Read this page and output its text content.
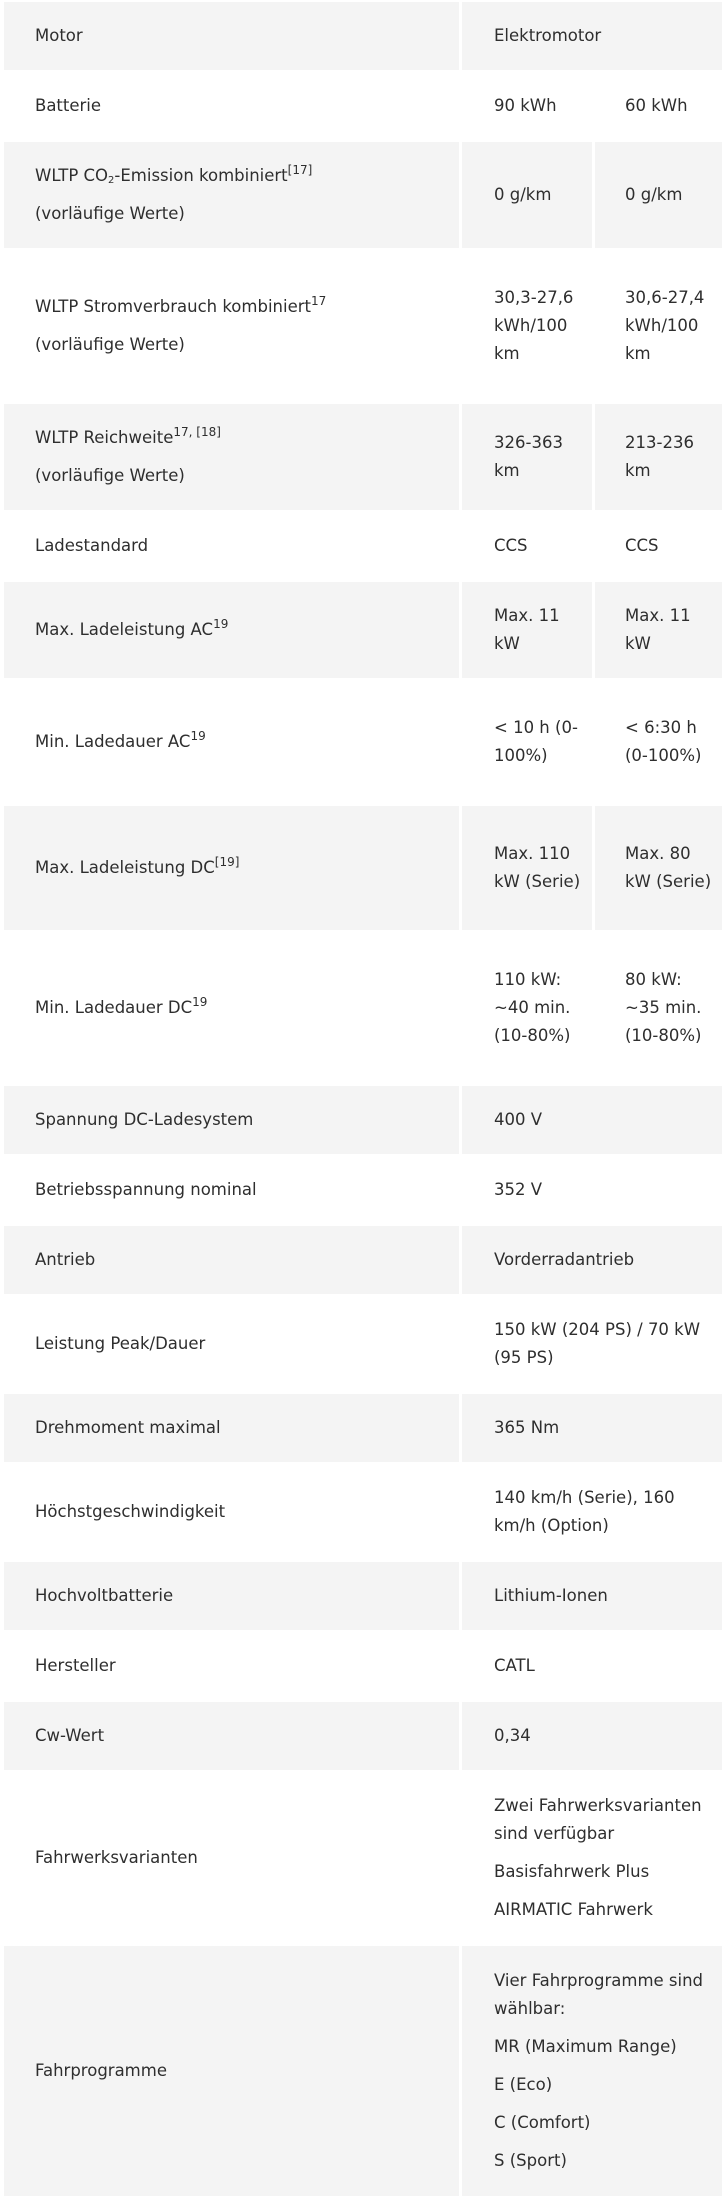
Motor	Elektromotor	
Batterie	90 kWh	60 kWh

WLTP $CO_2$-Emission kombiniert[17]
(vorläufige Werte)	0 g/km	0 g/km

WLTP Stromverbrauch kombiniert$^{17}$
(vorläufige Werte)	30,3-27,6 kWh/100 km	30,6-27,4 kWh/100 km

WLTP Reichweite$^{17, [18]}$
(vorläufige Werte)	326-363 km	213-236 km
Ladestandard	CCS	CCS
Max. Ladeleistung AC$^{19}$	Max. 11 kW	Max. 11 kW
Min. Ladedauer $AC^{19}$	< 10 h (0-100%)	< 6:30 h (0-100%)
Max. Ladeleistung DC[19]	Max. 110 kW (Serie)	Max. 80 kW (Serie)
Min. Ladedauer DC$^{19}$	110 kW: ~40 min. (10-80%)	80 kW: ~35 min. (10-80%)
Spannung DC-Ladesystem	400 V	
Betriebsspannung nominal	352 V	
Antrieb	Vorderradantrieb	
Leistung Peak/Dauer	150 kW (204 PS) / 70 kW (95 PS)	
Drehmoment maximal	365 Nm	
Höchstgeschwindigkeit	140 km/h (Serie), 160 km/h (Option)	
Hochvoltbatterie	Lithium-Ionen	
Hersteller	CATL	
Cw-Wert	0,34	
Fahrwerksvarianten	Zwei Fahrwerksvarianten sind verfügbar
Basisfahrwerk Plus
AIRMATIC Fahrwerk	

Fahrprogramme	Vier Fahrprogramme sind wählbar:
MR (Maximum Range)
E (Eco)
C (Comfort)
S (Sport)	
